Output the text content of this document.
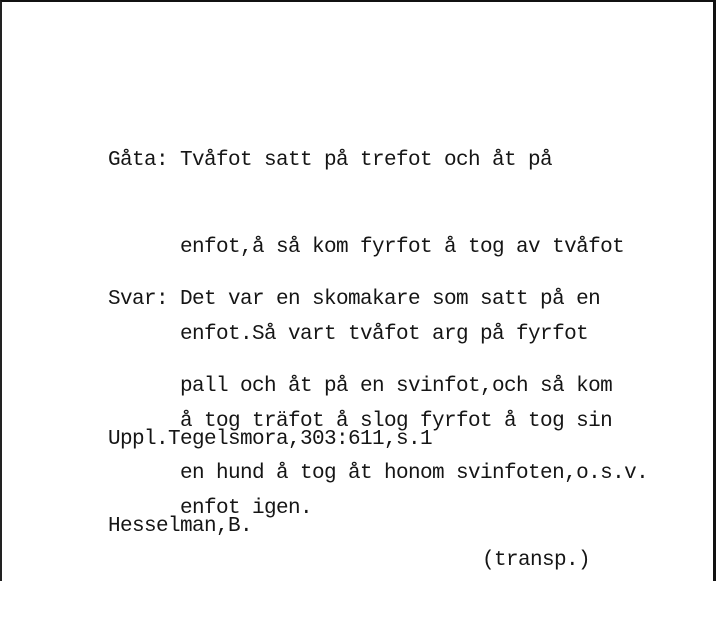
Gåta: Tvåfot satt på trefot och åt på

enfot,å så kom fyrfot å tog av tvåfot

enfot.Så vart tvåfot arg på fyrfot

å tog träfot å slog fyrfot å tog sin

enfot igen.

Svar: Det var en skomakare som satt på en

pall och åt på en svinfot,och så kom

en hund å tog åt honom svinfoten,o.s.v.

(transp.)

Uppl.Tegelsmora,303:611,s.1

Hesselman,B.
